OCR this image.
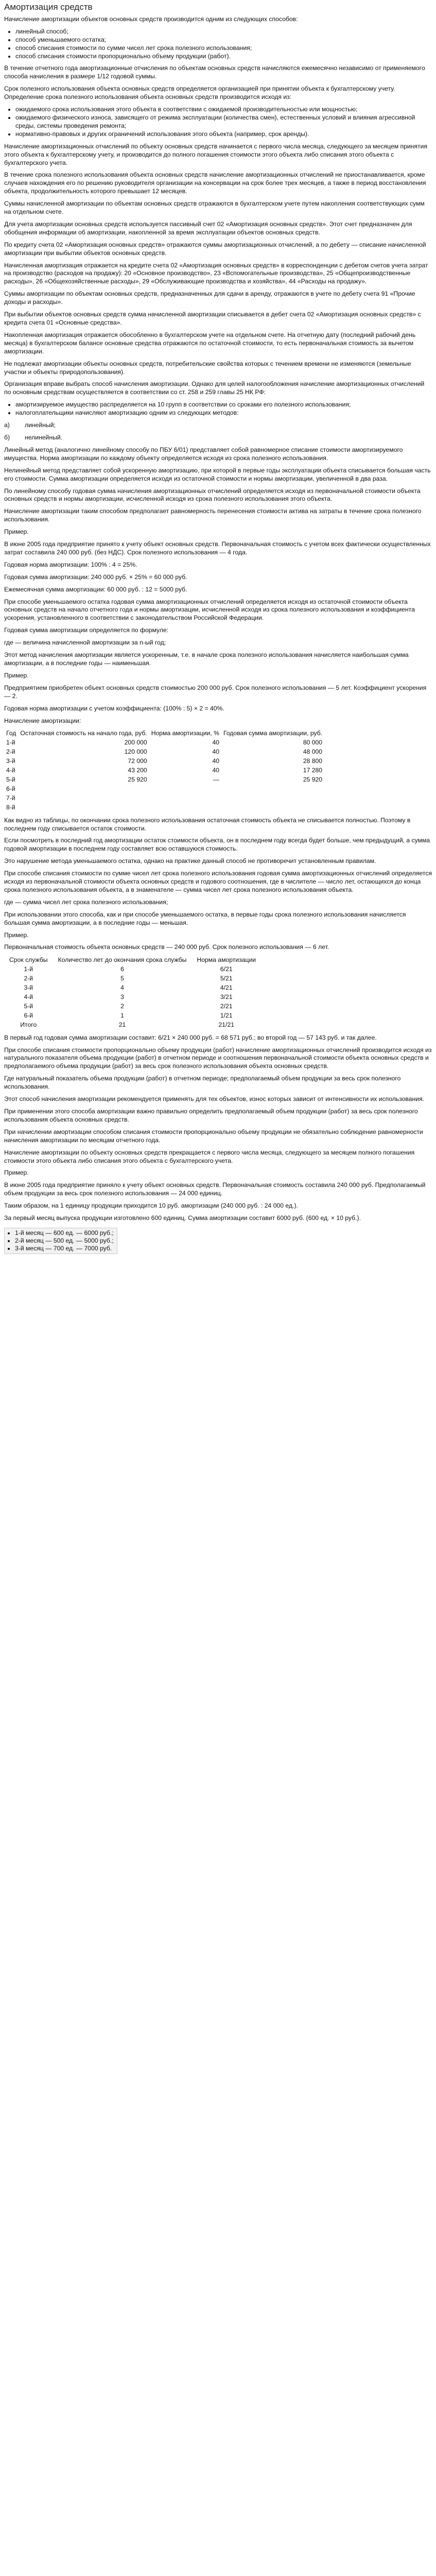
Амортизация средств

Начисление амортизации объектов основных средств производится одним из следующих способов:

• линейный способ;
• способ уменьшаемого остатка;
• способ списания стоимости по сумме чисел лет срока полезного использования;
• способ списания стоимости пропорционально объему продукции (работ).

В течение отчетного года амортизационные отчисления по объектам основных средств начисляются ежемесячно независимо от применяемого способа начисления в размере 1/12 годовой суммы.

Срок полезного использования объекта основных средств определяется организацией при принятии объекта к бухгалтерскому учету. Определение срока полезного использования объекта основных средств производится исходя из:

• ожидаемого срока использования этого объекта в соответствии с ожидаемой производительностью или мощностью;
• ожидаемого физического износа, зависящего от режима эксплуатации (количества смен), естественных условий и влияния агрессивной среды, системы проведения ремонта;
• нормативно-правовых и других ограничений использования этого объекта (например, срок аренды).

Начисление амортизационных отчислений по объекту основных средств начинается с первого числа месяца, следующего за месяцем принятия этого объекта к бухгалтерскому учету, и производится до полного погашения стоимости этого объекта либо списания этого объекта с бухгалтерского учета.

В течение срока полезного использования объекта основных средств начисление амортизационных отчислений не приостанавливается, кроме случаев нахождения его по решению руководителя организации на консервации на срок более трех месяцев, а также в период восстановления объекта, продолжительность которого превышает 12 месяцев.

Суммы начисленной амортизации по объектам основных средств отражаются в бухгалтерском учете путем накопления соответствующих сумм на отдельном счете.

Для учета амортизации основных средств используется пассивный счет 02 «Амортизация основных средств». Этот счет предназначен для обобщения информации об амортизации, накопленной за время эксплуатации объектов основных средств.

По кредиту счета 02 «Амортизация основных средств» отражаются суммы амортизационных отчислений, а по дебету — списание начисленной амортизации при выбытии объектов основных средств.

Начисленная амортизация отражается на кредите счета 02 «Амортизация основных средств» в корреспонденции с дебетом счетов учета затрат на производство (расходов на продажу): 20 «Основное производство», 23 «Вспомогательные производства», 25 «Общепроизводственные расходы», 26 «Общехозяйственные расходы», 29 «Обслуживающие производства и хозяйства», 44 «Расходы на продажу».

Суммы амортизации по объектам основных средств, предназначенных для сдачи в аренду, отражаются в учете по дебету счета 91 «Прочие доходы и расходы».

При выбытии объектов основных средств сумма начисленной амортизации списывается в дебет счета 02 «Амортизация основных средств» с кредита счета 01 «Основные средства».

Накопленная амортизация отражается обособленно в бухгалтерском учете на отдельном счете. На отчетную дату (последний рабочий день месяца) в бухгалтерском балансе основные средства отражаются по остаточной стоимости, то есть первоначальная стоимость за вычетом амортизации.

Не подлежат амортизации объекты основных средств, потребительские свойства которых с течением времени не изменяются (земельные участки и объекты природопользования).

Организация вправе выбрать способ начисления амортизации. Однако для целей налогообложения начисление амортизационных отчислений по основным средствам осуществляется в соответствии со ст. 258 и 259 главы 25 НК РФ:

• амортизируемое имущество распределяется на 10 групп в соответствии со сроками его полезного использования;
• налогоплательщики начисляют амортизацию одним из следующих методов:

а) линейный;

б) нелинейный.

Линейный метод (аналогично линейному способу по ПБУ 6/01) представляет собой равномерное списание стоимости амортизируемого имущества. Норма амортизации по каждому объекту определяется исходя из срока полезного использования.

Нелинейный метод представляет собой ускоренную амортизацию, при которой в первые годы эксплуатации объекта списывается большая часть его стоимости. Сумма амортизации определяется исходя из остаточной стоимости и нормы амортизации, увеличенной в два раза.

По линейному способу годовая сумма начисления амортизационных отчислений определяется исходя из первоначальной стоимости объекта основных средств и нормы амортизации, исчисленной исходя из срока полезного использования этого объекта.

Начисление амортизации таким способом предполагает равномерность перенесения стоимости актива на затраты в течение срока полезного использования.

Пример.

В июне 2005 года предприятие принято к учету объект основных средств. Первоначальная стоимость с учетом всех фактически осуществленных затрат составила 240 000 руб. (без НДС). Срок полезного использования — 4 года.

Годовая норма амортизации: 100% : 4 = 25%.

Годовая сумма амортизации: 240 000 руб. × 25% = 60 000 руб.

Ежемесячная сумма амортизации: 60 000 руб. : 12 = 5000 руб.

При способе уменьшаемого остатка годовая сумма амортизационных отчислений определяется исходя из остаточной стоимости объекта основных средств на начало отчетного года и нормы амортизации, исчисленной исходя из срока полезного использования и коэффициента ускорения, установленного в соответствии с законодательством Российской Федерации.

Годовая сумма амортизации определяется по формуле:

где — величина начисленной амортизации за n-ый год;

Этот метод начисления амортизации является ускоренным, т.е. в начале срока полезного использования начисляется наибольшая сумма амортизации, а в последние годы — наименьшая.

Пример.

Предприятием приобретен объект основных средств стоимостью 200 000 руб. Срок полезного использования — 5 лет. Коэффициент ускорения — 2.

Годовая норма амортизации с учетом коэффициента: (100% : 5) × 2 = 40%.

Начисление амортизации:

Год	Остаточная стоимость на начало года, руб.	Норма амортизации, %	Годовая сумма амортизации, руб.
1-й	200 000	40	80 000
2-й	120 000	40	48 000
3-й	72 000	40	28 800
4-й	43 200	40	17 280
5-й	25 920	—	25 920
6-й			
7-й			
8-й			

Как видно из таблицы, по окончании срока полезного использования остаточная стоимость объекта не списывается полностью. Поэтому в последнем году списывается остаток стоимости.

Если посмотреть в последний год амортизации остаток стоимости объекта, он в последнем году всегда будет больше, чем предыдущий, а сумма годовой амортизации в последнем году составляет всю оставшуюся стоимость.

Это нарушение метода уменьшаемого остатка, однако на практике данный способ не противоречит установленным правилам.

При способе списания стоимости по сумме чисел лет срока полезного использования годовая сумма амортизационных отчислений определяется исходя из первоначальной стоимости объекта основных средств и годового соотношения, где в числителе — число лет, остающихся до конца срока полезного использования объекта, а в знаменателе — сумма чисел лет срока полезного использования объекта.

где — сумма чисел лет срока полезного использования;

При использовании этого способа, как и при способе уменьшаемого остатка, в первые годы срока полезного использования начисляется большая сумма амортизации, а в последние годы — меньшая.

Пример.

Первоначальная стоимость объекта основных средств — 240 000 руб. Срок полезного использования — 6 лет.

Срок службы	Количество лет до окончания срока службы	Норма амортизации
1-й	6	6/21
2-й	5	5/21
3-й	4	4/21
4-й	3	3/21
5-й	2	2/21
6-й	1	1/21
Итого	21	21/21

В первый год годовая сумма амортизации составит: 6/21 × 240 000 руб. = 68 571 руб.; во второй год — 57 143 руб. и так далее.

При способе списания стоимости пропорционально объему продукции (работ) начисление амортизационных отчислений производится исходя из натурального показателя объема продукции (работ) в отчетном периоде и соотношения первоначальной стоимости объекта основных средств и предполагаемого объема продукции (работ) за весь срок полезного использования объекта основных средств.

Где натуральный показатель объема продукции (работ) в отчетном периоде; предполагаемый объем продукции за весь срок полезного использования.

Этот способ начисления амортизации рекомендуется применять для тех объектов, износ которых зависит от интенсивности их использования.

При применении этого способа амортизации важно правильно определить предполагаемый объем продукции (работ) за весь срок полезного использования объекта основных средств.

При начислении амортизации способом списания стоимости пропорционально объему продукции не обязательно соблюдение равномерности начисления амортизации по месяцам отчетного года.

Начисление амортизации по объекту основных средств прекращается с первого числа месяца, следующего за месяцем полного погашения стоимости этого объекта либо списания этого объекта с бухгалтерского учета.

Пример.

В июне 2005 года предприятие приняло к учету объект основных средств. Первоначальная стоимость составила 240 000 руб. Предполагаемый объем продукции за весь срок полезного использования — 24 000 единиц.

Таким образом, на 1 единицу продукции приходится 10 руб. амортизации (240 000 руб. : 24 000 ед.).

За первый месяц выпуска продукции изготовлено 600 единиц. Сумма амортизации составит 6000 руб. (600 ед. × 10 руб.).

• 1-й месяц — 600 ед. — 6000 руб.;
• 2-й месяц — 500 ед. — 5000 руб.;
• 3-й месяц — 700 ед. — 7000 руб.
